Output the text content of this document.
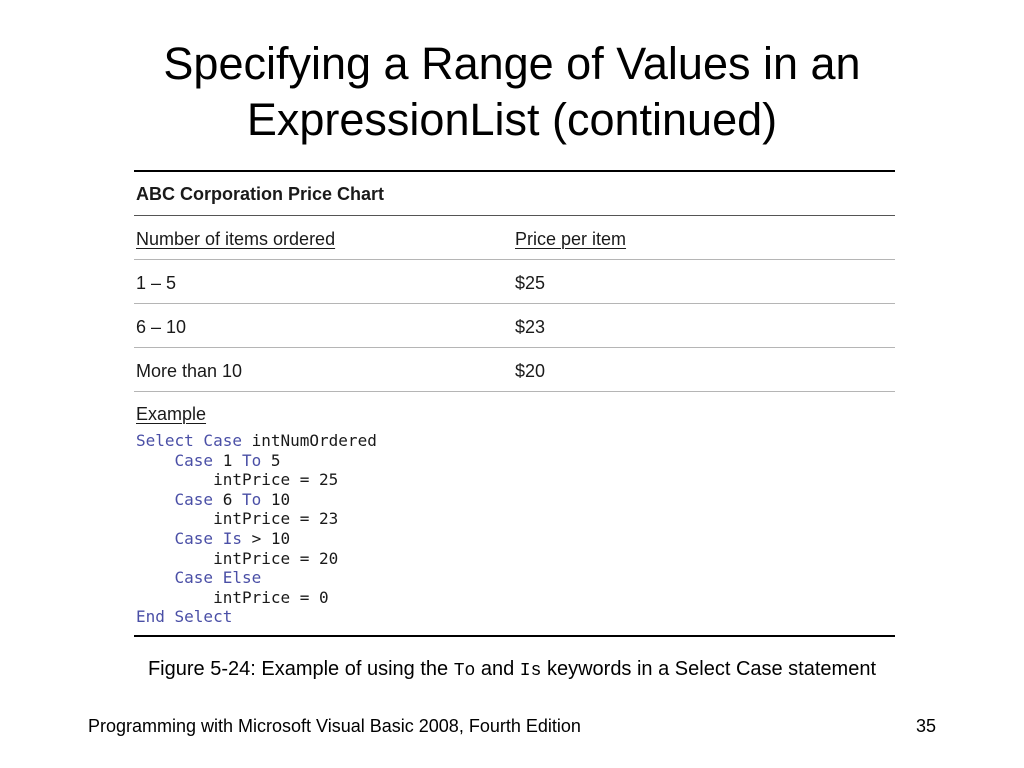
Specifying a Range of Values in an
ExpressionList (continued)
ABC Corporation Price Chart
Number of items ordered	Price per item
1 – 5	$25
6 – 10	$23
More than 10	$20
Example
Select Case intNumOrdered
Case 1 To 5
intPrice = 25
Case 6 To 10
intPrice = 23
Case Is > 10
intPrice = 20
Case Else
intPrice = 0
End Select
Figure 5-24: Example of using the To and Is keywords in a Select Case statement
Programming with Microsoft Visual Basic 2008, Fourth Edition	35
